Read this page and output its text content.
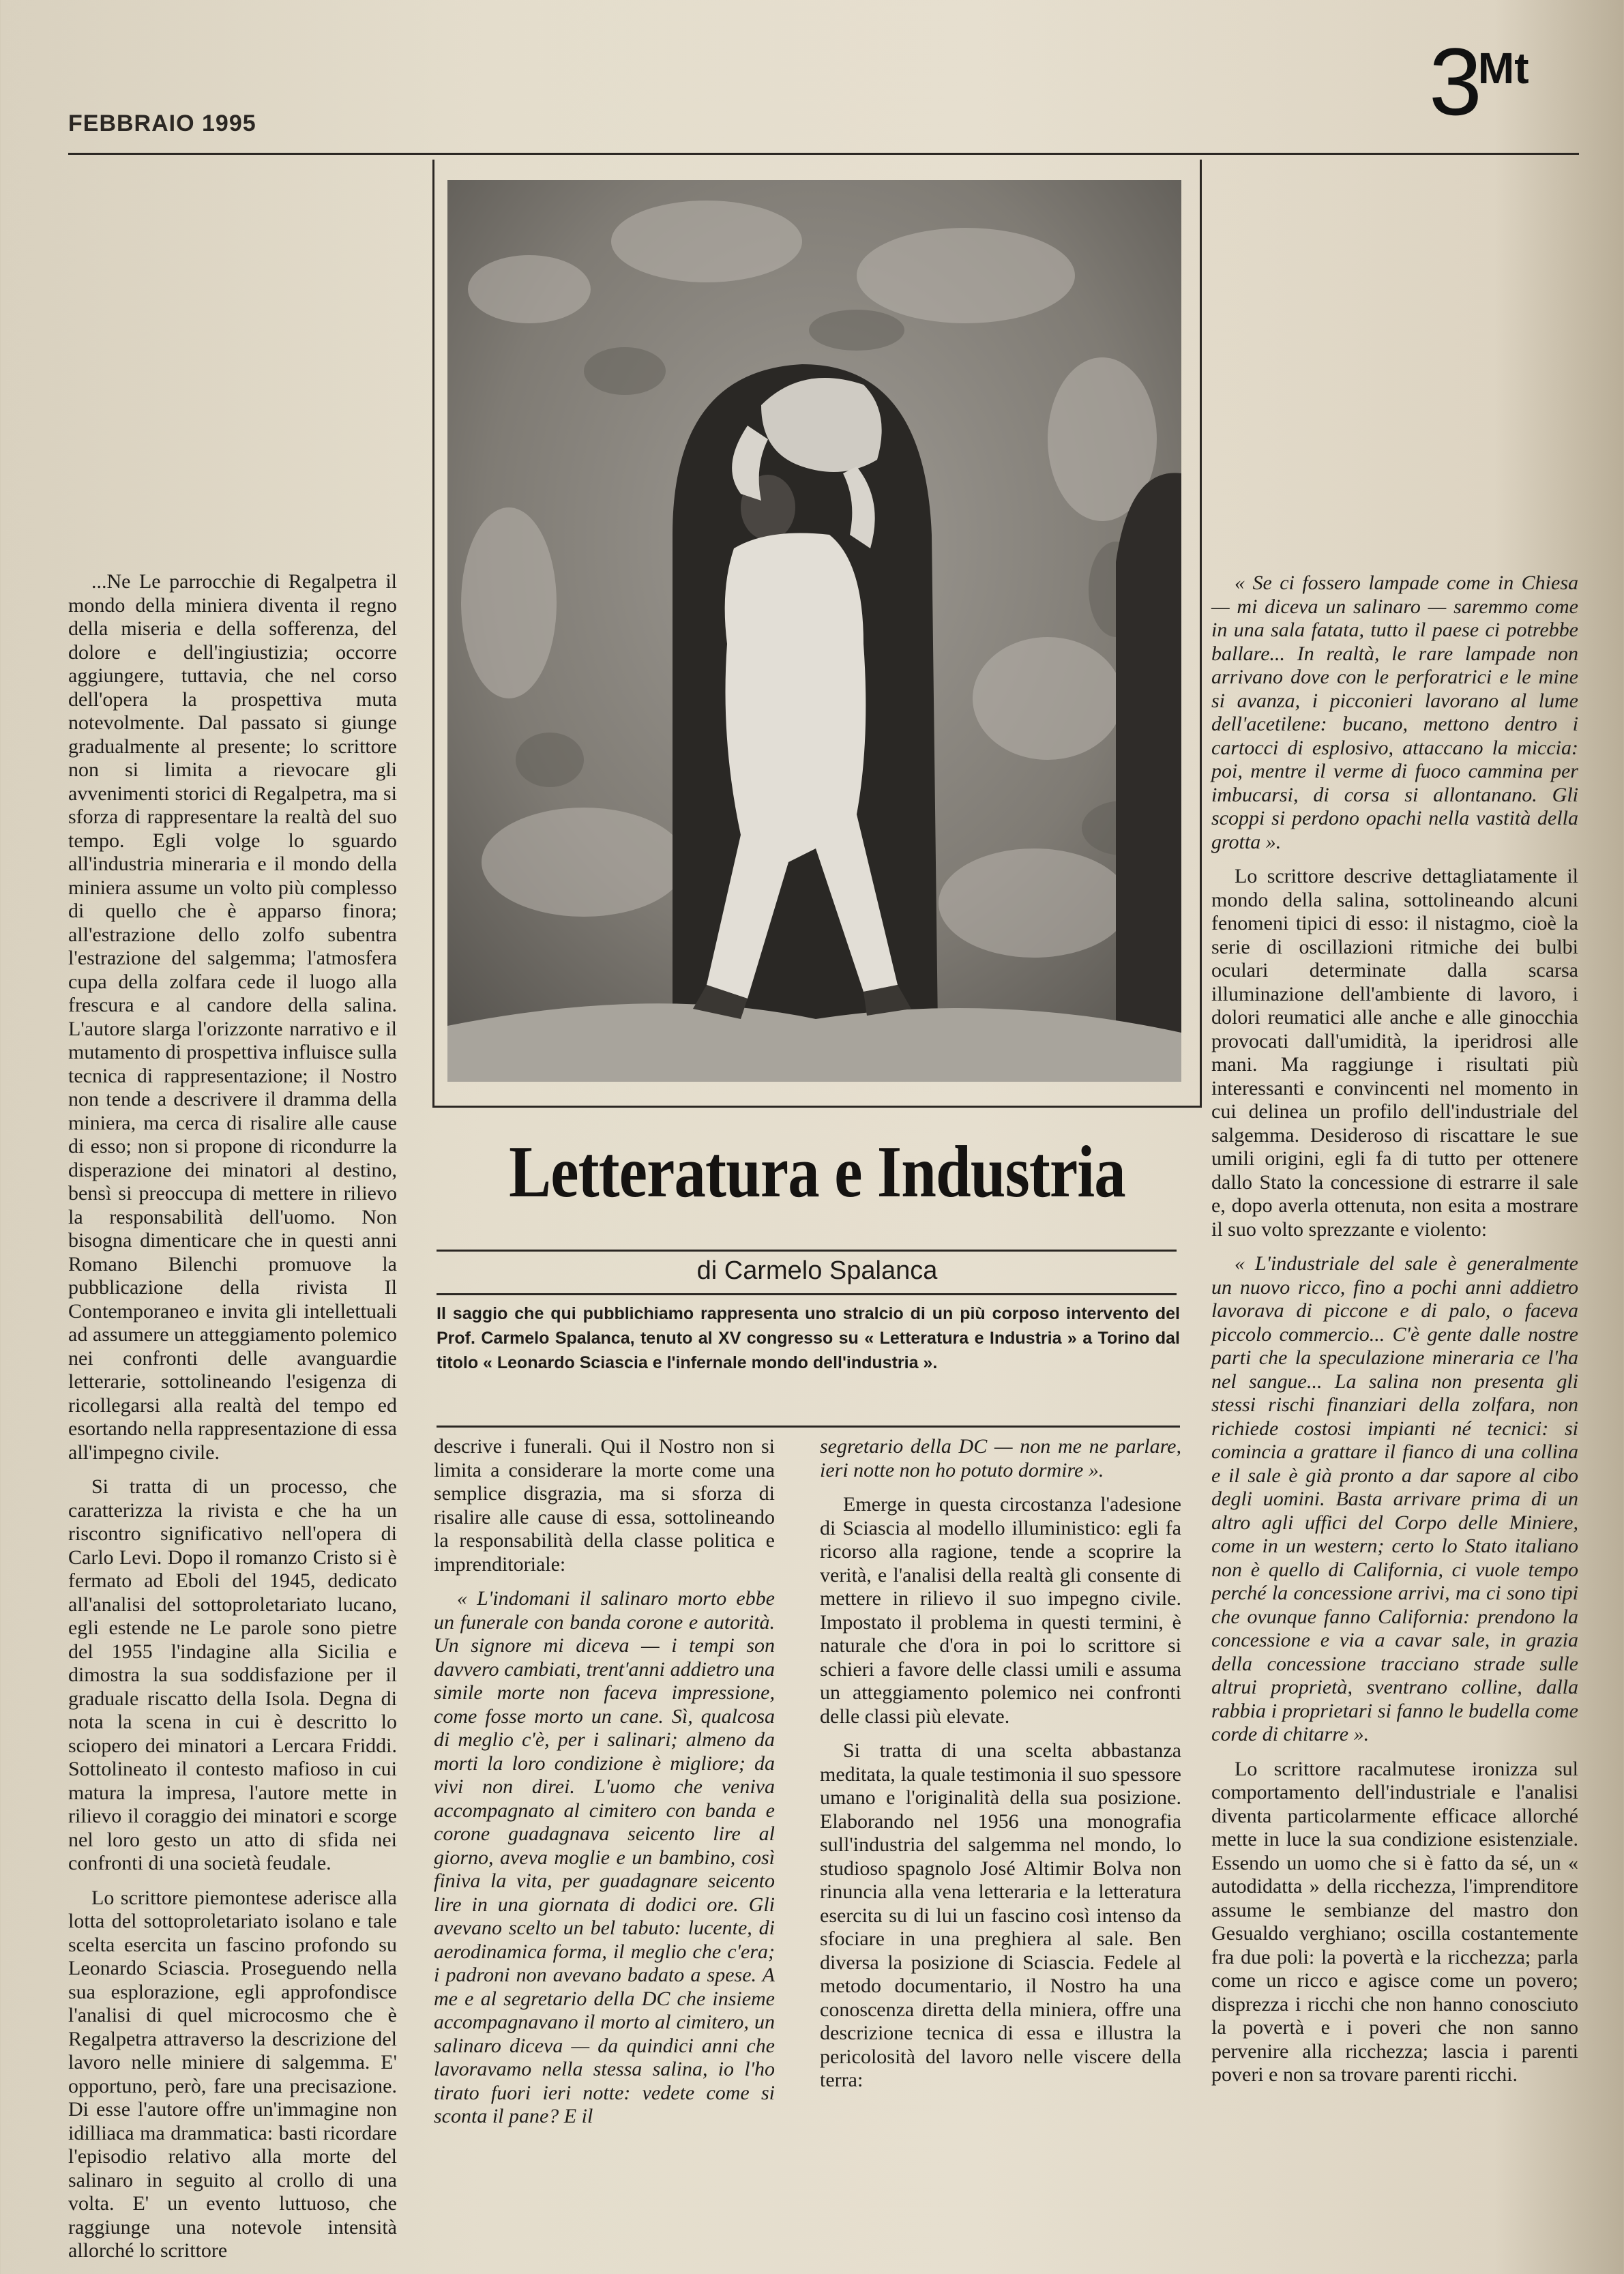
FEBBRAIO 1995	$3^{Mt}$
Letteratura e Industria
di Carmelo Spalanca
Il saggio che qui pubblichiamo rappresenta uno stralcio di un più corposo intervento del Prof. Carmelo Spalanca, tenuto al XV congresso su « Letteratura e Industria » a Torino dal titolo « Leonardo Sciascia e l'infernale mondo dell'industria ».

...Ne Le parrocchie di Regalpetra il mondo della miniera diventa il regno della miseria e della sofferenza, del dolore e dell'ingiustizia; occorre aggiungere, tuttavia, che nel corso dell'opera la prospettiva muta notevolmente. Dal passato si giunge gradualmente al presente; lo scrittore non si limita a rievocare gli avvenimenti storici di Regalpetra, ma si sforza di rappresentare la realtà del suo tempo. Egli volge lo sguardo all'industria mineraria e il mondo della miniera assume un volto più complesso di quello che è apparso finora; all'estrazione dello zolfo subentra l'estrazione del salgemma; l'atmosfera cupa della zolfara cede il luogo alla frescura e al candore della salina. L'autore slarga l'orizzonte narrativo e il mutamento di prospettiva influisce sulla tecnica di rappresentazione; il Nostro non tende a descrivere il dramma della miniera, ma cerca di risalire alle cause di esso; non si propone di ricondurre la disperazione dei minatori al destino, bensì si preoccupa di mettere in rilievo la responsabilità dell'uomo. Non bisogna dimenticare che in questi anni Romano Bilenchi promuove la pubblicazione della rivista Il Contemporaneo e invita gli intellettuali ad assumere un atteggiamento polemico nei confronti delle avanguardie letterarie, sottolineando l'esigenza di ricollegarsi alla realtà del tempo ed esortando nella rappresentazione di essa all'impegno civile.

Si tratta di un processo, che caratterizza la rivista e che ha un riscontro significativo nell'opera di Carlo Levi. Dopo il romanzo Cristo si è fermato ad Eboli del 1945, dedicato all'analisi del sottoproletariato lucano, egli estende ne Le parole sono pietre del 1955 l'indagine alla Sicilia e dimostra la sua soddisfazione per il graduale riscatto della Isola. Degna di nota la scena in cui è descritto lo sciopero dei minatori a Lercara Friddi. Sottolineato il contesto mafioso in cui matura la impresa, l'autore mette in rilievo il coraggio dei minatori e scorge nel loro gesto un atto di sfida nei confronti di una società feudale.

Lo scrittore piemontese aderisce alla lotta del sottoproletariato isolano e tale scelta esercita un fascino profondo su Leonardo Sciascia. Proseguendo nella sua esplorazione, egli approfondisce l'analisi di quel microcosmo che è Regalpetra attraverso la descrizione del lavoro nelle miniere di salgemma. E' opportuno, però, fare una precisazione. Di esse l'autore offre un'immagine non idilliaca ma drammatica: basti ricordare l'episodio relativo alla morte del salinaro in seguito al crollo di una volta. E' un evento luttuoso, che raggiunge una notevole intensità allorché lo scrittore

descrive i funerali. Qui il Nostro non si limita a considerare la morte come una semplice disgrazia, ma si sforza di risalire alle cause di essa, sottolineando la responsabilità della classe politica e imprenditoriale:

« L'indomani il salinaro morto ebbe un funerale con banda corone e autorità. Un signore mi diceva — i tempi son davvero cambiati, trent'anni addietro una simile morte non faceva impressione, come fosse morto un cane. Sì, qualcosa di meglio c'è, per i salinari; almeno da morti la loro condizione è migliore; da vivi non direi. L'uomo che veniva accompagnato al cimitero con banda e corone guadagnava seicento lire al giorno, aveva moglie e un bambino, così finiva la vita, per guadagnare seicento lire in una giornata di dodici ore. Gli avevano scelto un bel tabuto: lucente, di aerodinamica forma, il meglio che c'era; i padroni non avevano badato a spese. A me e al segretario della DC che insieme accompagnavano il morto al cimitero, un salinaro diceva — da quindici anni che lavoravamo nella stessa salina, io l'ho tirato fuori ieri notte: vedete come si sconta il pane? E il

segretario della DC — non me ne parlare, ieri notte non ho potuto dormire ».

Emerge in questa circostanza l'adesione di Sciascia al modello illuministico: egli fa ricorso alla ragione, tende a scoprire la verità, e l'analisi della realtà gli consente di mettere in rilievo il suo impegno civile. Impostato il problema in questi termini, è naturale che d'ora in poi lo scrittore si schieri a favore delle classi umili e assuma un atteggiamento polemico nei confronti delle classi più elevate.

Si tratta di una scelta abbastanza meditata, la quale testimonia il suo spessore umano e l'originalità della sua posizione. Elaborando nel 1956 una monografia sull'industria del salgemma nel mondo, lo studioso spagnolo José Altimir Bolva non rinuncia alla vena letteraria e la letteratura esercita su di lui un fascino così intenso da sfociare in una preghiera al sale. Ben diversa la posizione di Sciascia. Fedele al metodo documentario, il Nostro ha una conoscenza diretta della miniera, offre una descrizione tecnica di essa e illustra la pericolosità del lavoro nelle viscere della terra:

« Se ci fossero lampade come in Chiesa — mi diceva un salinaro — saremmo come in una sala fatata, tutto il paese ci potrebbe ballare... In realtà, le rare lampade non arrivano dove con le perforatrici e le mine si avanza, i picconieri lavorano al lume dell'acetilene: bucano, mettono dentro i cartocci di esplosivo, attaccano la miccia: poi, mentre il verme di fuoco cammina per imbucarsi, di corsa si allontanano. Gli scoppi si perdono opachi nella vastità della grotta ».

Lo scrittore descrive dettagliatamente il mondo della salina, sottolineando alcuni fenomeni tipici di esso: il nistagmo, cioè la serie di oscillazioni ritmiche dei bulbi oculari determinate dalla scarsa illuminazione dell'ambiente di lavoro, i dolori reumatici alle anche e alle ginocchia provocati dall'umidità, la iperidrosi alle mani. Ma raggiunge i risultati più interessanti e convincenti nel momento in cui delinea un profilo dell'industriale del salgemma. Desideroso di riscattare le sue umili origini, egli fa di tutto per ottenere dallo Stato la concessione di estrarre il sale e, dopo averla ottenuta, non esita a mostrare il suo volto sprezzante e violento:

« L'industriale del sale è generalmente un nuovo ricco, fino a pochi anni addietro lavorava di piccone e di palo, o faceva piccolo commercio... C'è gente dalle nostre parti che la speculazione mineraria ce l'ha nel sangue... La salina non presenta gli stessi rischi finanziari della zolfara, non richiede costosi impianti né tecnici: si comincia a grattare il fianco di una collina e il sale è già pronto a dar sapore al cibo degli uomini. Basta arrivare prima di un altro agli uffici del Corpo delle Miniere, come in un western; certo lo Stato italiano non è quello di California, ci vuole tempo perché la concessione arrivi, ma ci sono tipi che ovunque fanno California: prendono la concessione e via a cavar sale, in grazia della concessione tracciano strade sulle altrui proprietà, sventrano colline, dalla rabbia i proprietari si fanno le budella come corde di chitarre ».

Lo scrittore racalmutese ironizza sul comportamento dell'industriale e l'analisi diventa particolarmente efficace allorché mette in luce la sua condizione esistenziale. Essendo un uomo che si è fatto da sé, un « autodidatta » della ricchezza, l'imprenditore assume le sembianze del mastro don Gesualdo verghiano; oscilla costantemente fra due poli: la povertà e la ricchezza; parla come un ricco e agisce come un povero; disprezza i ricchi che non hanno conosciuto la povertà e i poveri che non sanno pervenire alla ricchezza; lascia i parenti poveri e non sa trovare parenti ricchi.
